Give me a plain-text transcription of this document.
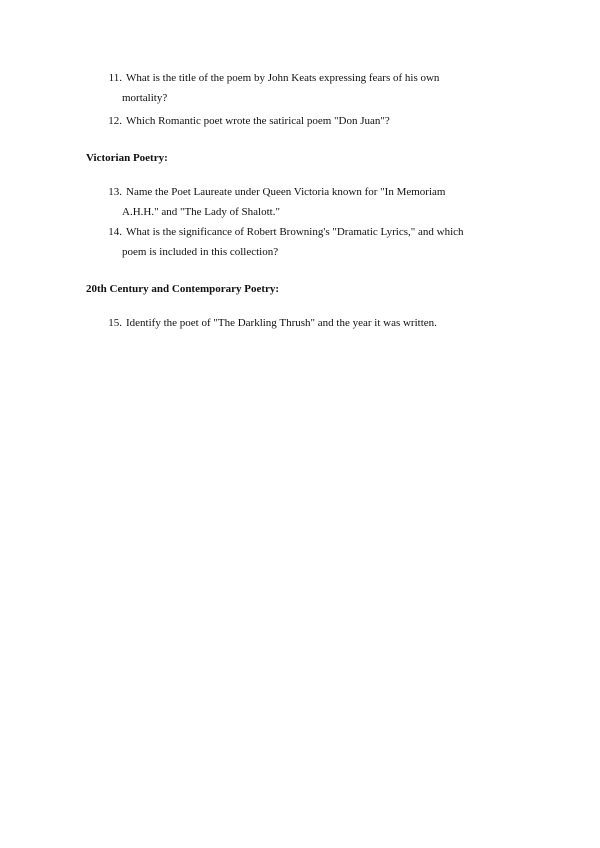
11. What is the title of the poem by John Keats expressing fears of his own
mortality?
12. Which Romantic poet wrote the satirical poem "Don Juan"?
Victorian Poetry:
13. Name the Poet Laureate under Queen Victoria known for "In Memoriam
A.H.H." and "The Lady of Shalott."
14. What is the significance of Robert Browning's "Dramatic Lyrics," and which
poem is included in this collection?
20th Century and Contemporary Poetry:
15. Identify the poet of "The Darkling Thrush" and the year it was written.
